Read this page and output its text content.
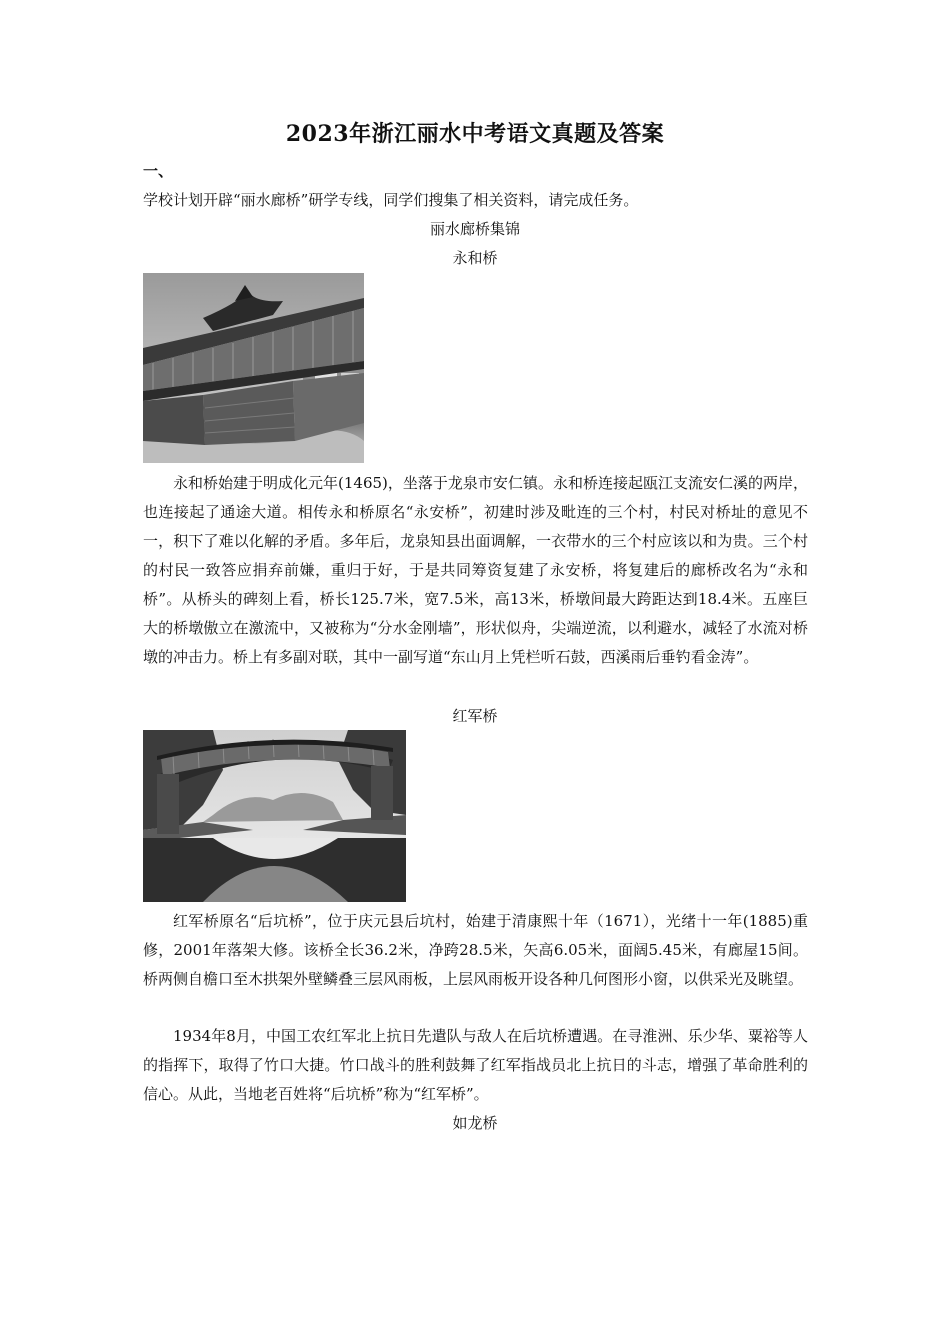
2023年浙江丽水中考语文真题及答案
一、
学校计划开辟“丽水廊桥”研学专线，同学们搜集了相关资料，请完成任务。
丽水廊桥集锦
永和桥

永和桥始建于明成化元年(1465)，坐落于龙泉市安仁镇。永和桥连接起瓯江支流安仁溪的两岸，也连接起了通途大道。相传永和桥原名“永安桥”，初建时涉及毗连的三个村，村民对桥址的意见不一，积下了难以化解的矛盾。多年后，龙泉知县出面调解，一衣带水的三个村应该以和为贵。三个村的村民一致答应捐弃前嫌，重归于好，于是共同筹资复建了永安桥，将复建后的廊桥改名为“永和桥”。从桥头的碑刻上看，桥长125.7米，宽7.5米，高13米，桥墩间最大跨距达到18.4米。五座巨大的桥墩傲立在激流中，又被称为“分水金刚墙”，形状似舟，尖端逆流，以利避水，减轻了水流对桥墩的冲击力。桥上有多副对联，其中一副写道“东山月上凭栏听石鼓，西溪雨后垂钓看金涛”。

红军桥

红军桥原名“后坑桥”，位于庆元县后坑村，始建于清康熙十年（1671），光绪十一年(1885)重修，2001年落架大修。该桥全长36.2米，净跨28.5米，矢高6.05米，面阔5.45米，有廊屋15间。桥两侧自檐口至木拱架外壁鳞叠三层风雨板，上层风雨板开设各种几何图形小窗，以供采光及眺望。

1934年8月，中国工农红军北上抗日先遣队与敌人在后坑桥遭遇。在寻淮洲、乐少华、粟裕等人的指挥下，取得了竹口大捷。竹口战斗的胜利鼓舞了红军指战员北上抗日的斗志，增强了革命胜利的信心。从此，当地老百姓将“后坑桥”称为“红军桥”。

如龙桥
